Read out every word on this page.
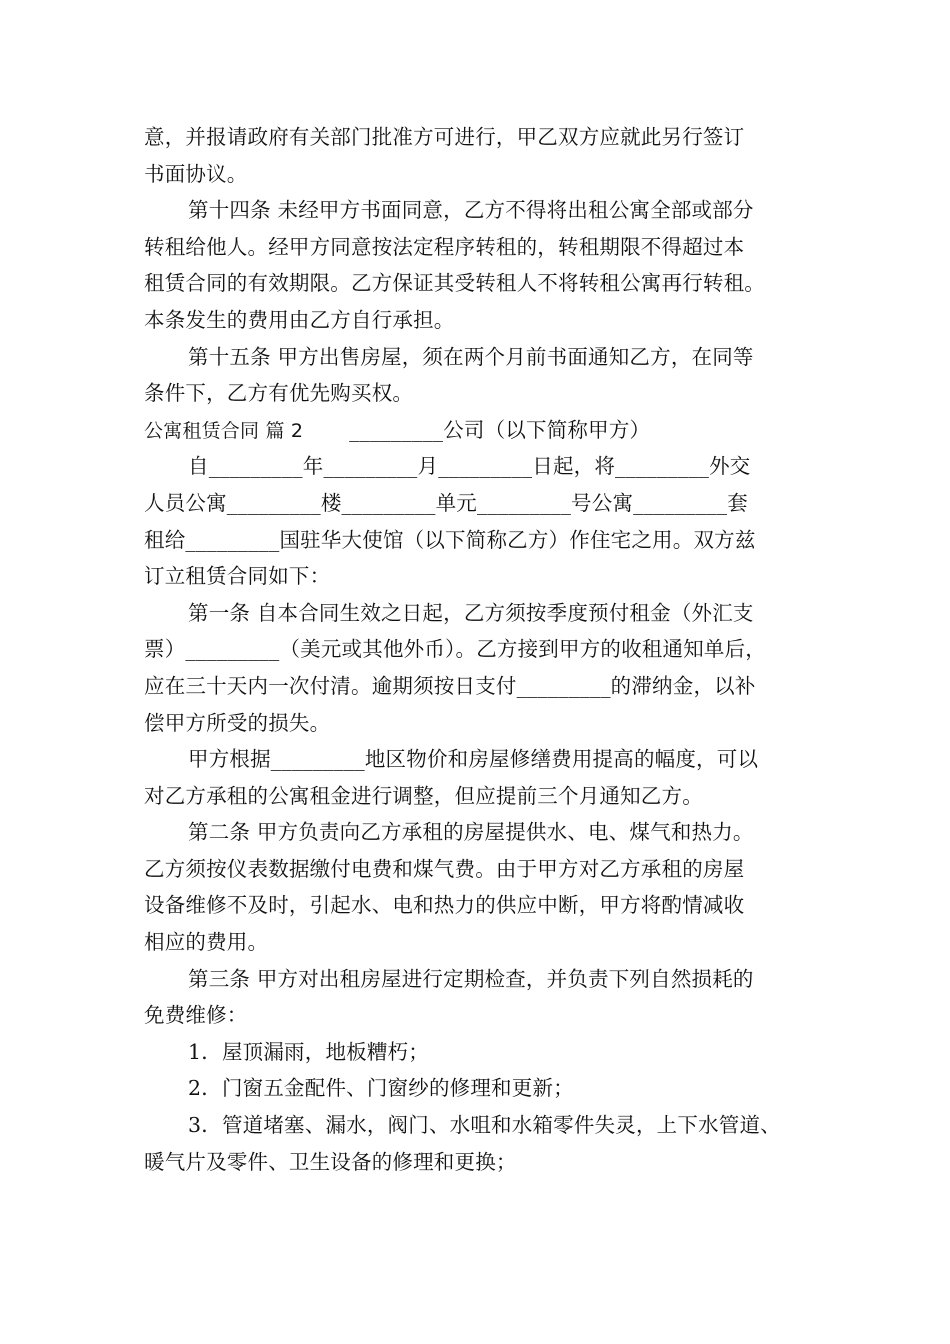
意，并报请政府有关部门批准方可进行，甲乙双方应就此另行签订
书面协议。
第十四条 未经甲方书面同意，乙方不得将出租公寓全部或部分
转租给他人。经甲方同意按法定程序转租的，转租期限不得超过本
租赁合同的有效期限。乙方保证其受转租人不将转租公寓再行转租。
本条发生的费用由乙方自行承担。
第十五条 甲方出售房屋，须在两个月前书面通知乙方，在同等
条件下，乙方有优先购买权。
公寓租赁合同 篇 2 _________公司（以下简称甲方）
自_________年_________月_________日起，将_________外交
人员公寓_________楼_________单元_________号公寓_________套
租给_________国驻华大使馆（以下简称乙方）作住宅之用。双方兹
订立租赁合同如下：
第一条 自本合同生效之日起，乙方须按季度预付租金（外汇支
票）_________（美元或其他外币）。乙方接到甲方的收租通知单后，
应在三十天内一次付清。逾期须按日支付_________的滞纳金，以补
偿甲方所受的损失。
甲方根据_________地区物价和房屋修缮费用提高的幅度，可以
对乙方承租的公寓租金进行调整，但应提前三个月通知乙方。
第二条 甲方负责向乙方承租的房屋提供水、电、煤气和热力。
乙方须按仪表数据缴付电费和煤气费。由于甲方对乙方承租的房屋
设备维修不及时，引起水、电和热力的供应中断，甲方将酌情减收
相应的费用。
第三条 甲方对出租房屋进行定期检查，并负责下列自然损耗的
免费维修：
1．屋顶漏雨，地板糟朽；
2．门窗五金配件、门窗纱的修理和更新；
3．管道堵塞、漏水，阀门、水咀和水箱零件失灵，上下水管道、
暖气片及零件、卫生设备的修理和更换；
